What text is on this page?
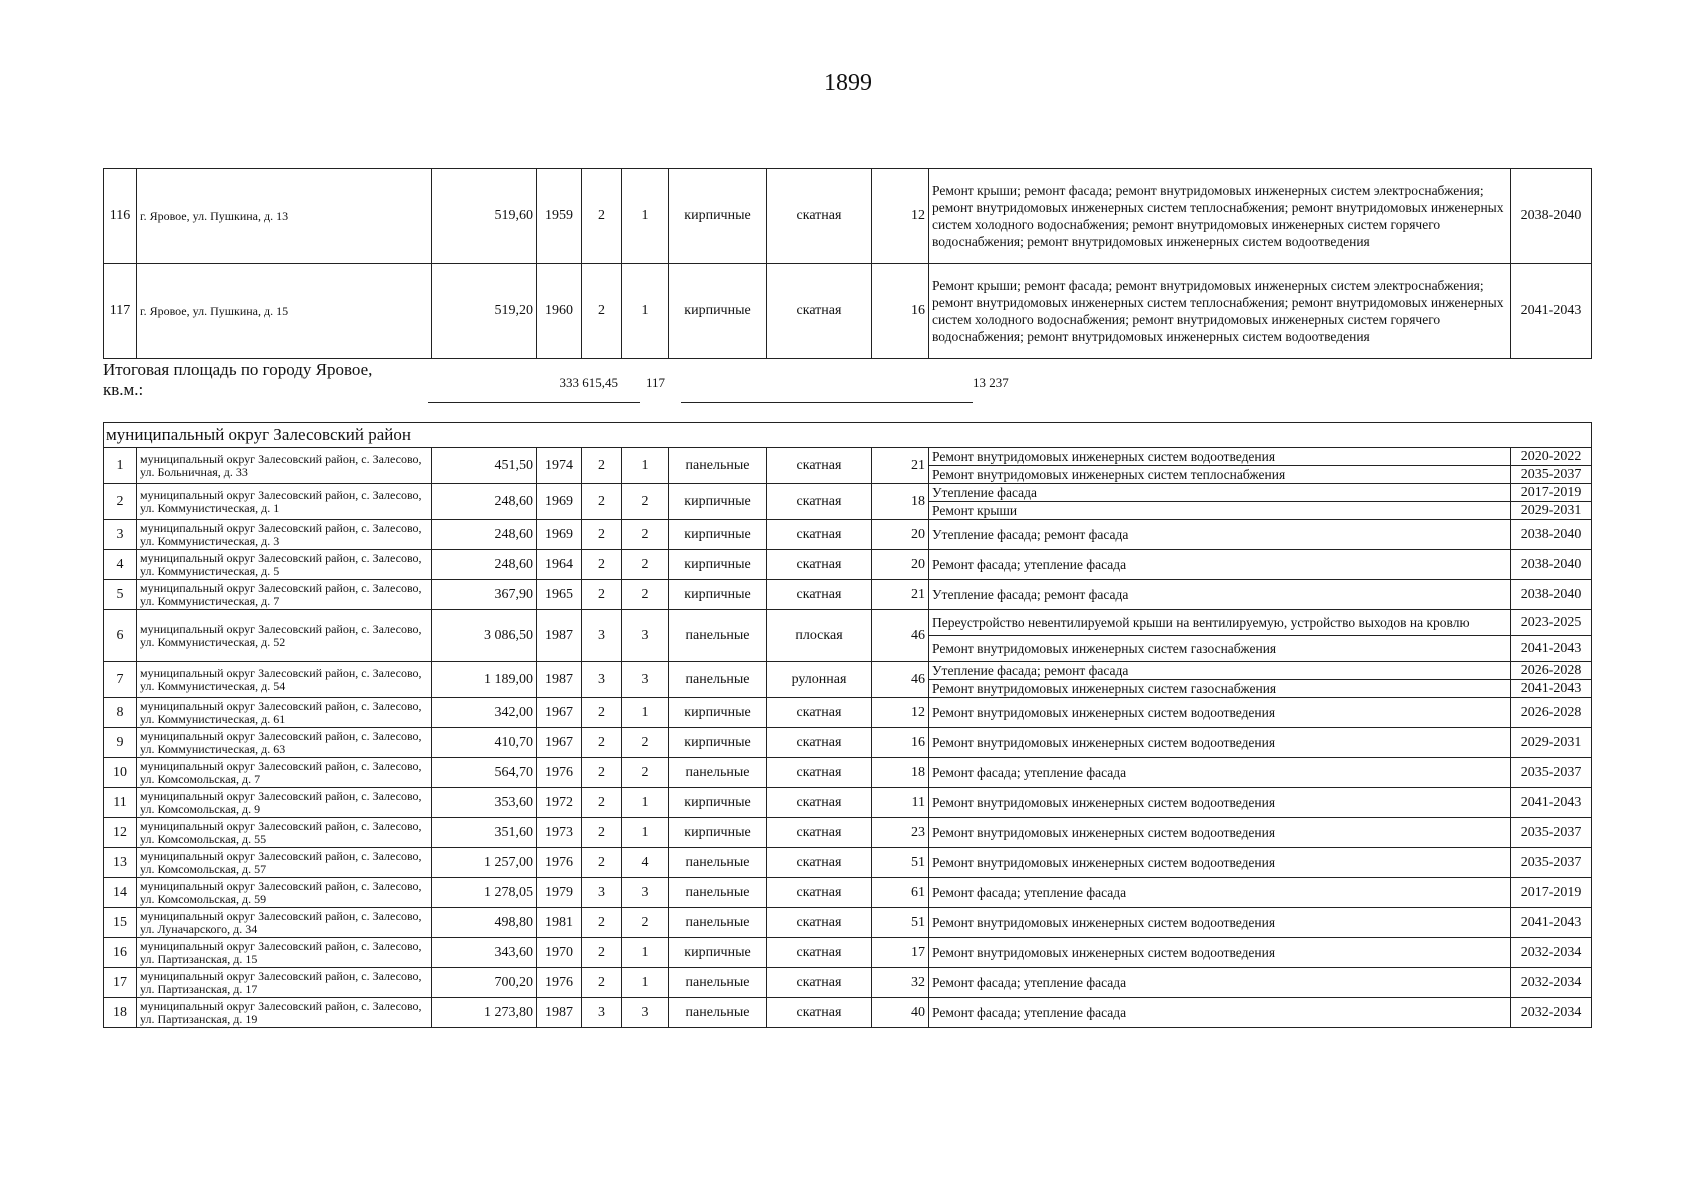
1899
116	г. Яровое, ул. Пушкина, д. 13	519,60	1959	2	1	кирпичные	скатная	12	Ремонт крыши; ремонт фасада; ремонт внутридомовых инженерных систем электроснабжения; ремонт внутридомовых инженерных систем теплоснабжения; ремонт внутридомовых инженерных систем холодного водоснабжения; ремонт внутридомовых инженерных систем горячего водоснабжения; ремонт внутридомовых инженерных систем водоотведения	2038-2040
117	г. Яровое, ул. Пушкина, д. 15	519,20	1960	2	1	кирпичные	скатная	16	Ремонт крыши; ремонт фасада; ремонт внутридомовых инженерных систем электроснабжения; ремонт внутридомовых инженерных систем теплоснабжения; ремонт внутридомовых инженерных систем холодного водоснабжения; ремонт внутридомовых инженерных систем горячего водоснабжения; ремонт внутридомовых инженерных систем водоотведения	2041-2043
Итоговая площадь по городу Яровое, кв.м.:	333 615,45 117	13 237
муниципальный округ Залесовский район										
1	муниципальный округ Залесовский район, с. Залесово, ул. Больничная, д. 33	451,50	1974	2	1	панельные	скатная	21	Ремонт внутридомовых инженерных систем водоотведения	2020-2022
									Ремонт внутридомовых инженерных систем теплоснабжения	2035-2037
2	муниципальный округ Залесовский район, с. Залесово, ул. Коммунистическая, д. 1	248,60	1969	2	2	кирпичные	скатная	18	Утепление фасада	2017-2019
									Ремонт крыши	2029-2031
3	муниципальный округ Залесовский район, с. Залесово, ул. Коммунистическая, д. 3	248,60	1969	2	2	кирпичные	скатная	20	Утепление фасада; ремонт фасада	2038-2040
4	муниципальный округ Залесовский район, с. Залесово, ул. Коммунистическая, д. 5	248,60	1964	2	2	кирпичные	скатная	20	Ремонт фасада; утепление фасада	2038-2040
5	муниципальный округ Залесовский район, с. Залесово, ул. Коммунистическая, д. 7	367,90	1965	2	2	кирпичные	скатная	21	Утепление фасада; ремонт фасада	2038-2040
6	муниципальный округ Залесовский район, с. Залесово, ул. Коммунистическая, д. 52	3 086,50	1987	3	3	панельные	плоская	46	Переустройство невентилируемой крыши на вентилируемую, устройство выходов на кровлю	2023-2025
									Ремонт внутридомовых инженерных систем газоснабжения	2041-2043
7	муниципальный округ Залесовский район, с. Залесово, ул. Коммунистическая, д. 54	1 189,00	1987	3	3	панельные	рулонная	46	Утепление фасада; ремонт фасада	2026-2028
									Ремонт внутридомовых инженерных систем газоснабжения	2041-2043
8	муниципальный округ Залесовский район, с. Залесово, ул. Коммунистическая, д. 61	342,00	1967	2	1	кирпичные	скатная	12	Ремонт внутридомовых инженерных систем водоотведения	2026-2028
9	муниципальный округ Залесовский район, с. Залесово, ул. Коммунистическая, д. 63	410,70	1967	2	2	кирпичные	скатная	16	Ремонт внутридомовых инженерных систем водоотведения	2029-2031
10	муниципальный округ Залесовский район, с. Залесово, ул. Комсомольская, д. 7	564,70	1976	2	2	панельные	скатная	18	Ремонт фасада; утепление фасада	2035-2037
11	муниципальный округ Залесовский район, с. Залесово, ул. Комсомольская, д. 9	353,60	1972	2	1	кирпичные	скатная	11	Ремонт внутридомовых инженерных систем водоотведения	2041-2043
12	муниципальный округ Залесовский район, с. Залесово, ул. Комсомольская, д. 55	351,60	1973	2	1	кирпичные	скатная	23	Ремонт внутридомовых инженерных систем водоотведения	2035-2037
13	муниципальный округ Залесовский район, с. Залесово, ул. Комсомольская, д. 57	1 257,00	1976	2	4	панельные	скатная	51	Ремонт внутридомовых инженерных систем водоотведения	2035-2037
14	муниципальный округ Залесовский район, с. Залесово, ул. Комсомольская, д. 59	1 278,05	1979	3	3	панельные	скатная	61	Ремонт фасада; утепление фасада	2017-2019
15	муниципальный округ Залесовский район, с. Залесово, ул. Луначарского, д. 34	498,80	1981	2	2	панельные	скатная	51	Ремонт внутридомовых инженерных систем водоотведения	2041-2043
16	муниципальный округ Залесовский район, с. Залесово, ул. Партизанская, д. 15	343,60	1970	2	1	кирпичные	скатная	17	Ремонт внутридомовых инженерных систем водоотведения	2032-2034
17	муниципальный округ Залесовский район, с. Залесово, ул. Партизанская, д. 17	700,20	1976	2	1	панельные	скатная	32	Ремонт фасада; утепление фасада	2032-2034
18	муниципальный округ Залесовский район, с. Залесово, ул. Партизанская, д. 19	1 273,80	1987	3	3	панельные	скатная	40	Ремонт фасада; утепление фасада	2032-2034
